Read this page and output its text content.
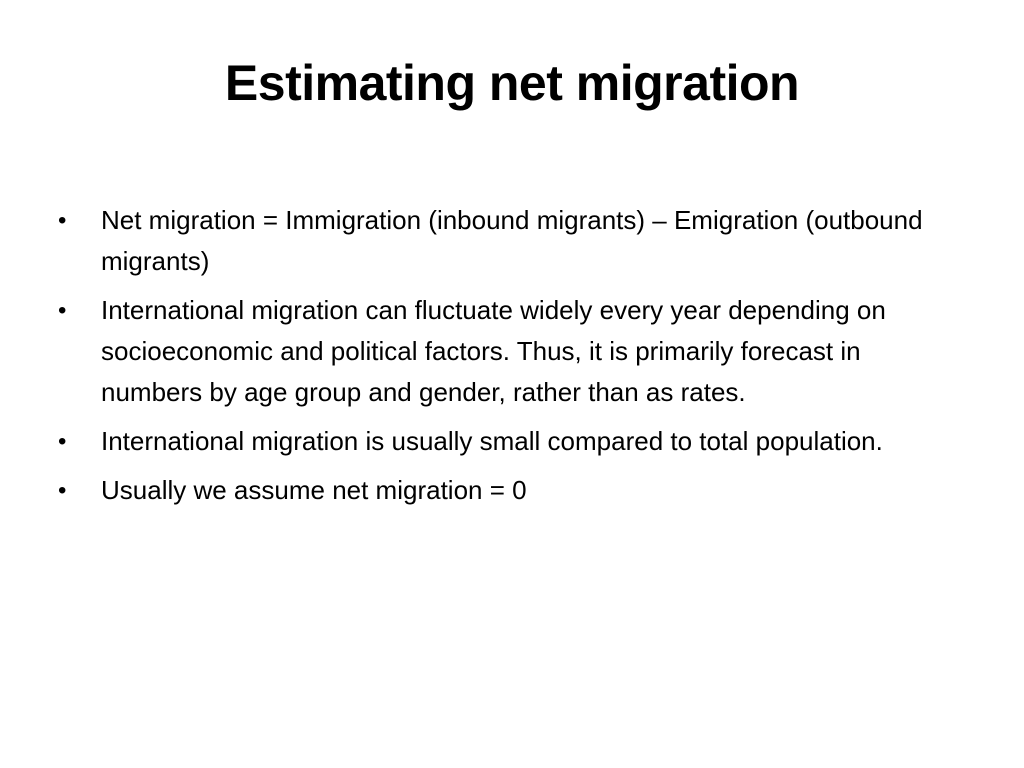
Estimating net migration
•	Net migration = Immigration (inbound migrants) – Emigration (outbound migrants)
•	International migration can fluctuate widely every year depending on socioeconomic and political factors. Thus, it is primarily forecast in numbers by age group and gender, rather than as rates.
•	International migration is usually small compared to total population.
•	Usually we assume net migration = 0
